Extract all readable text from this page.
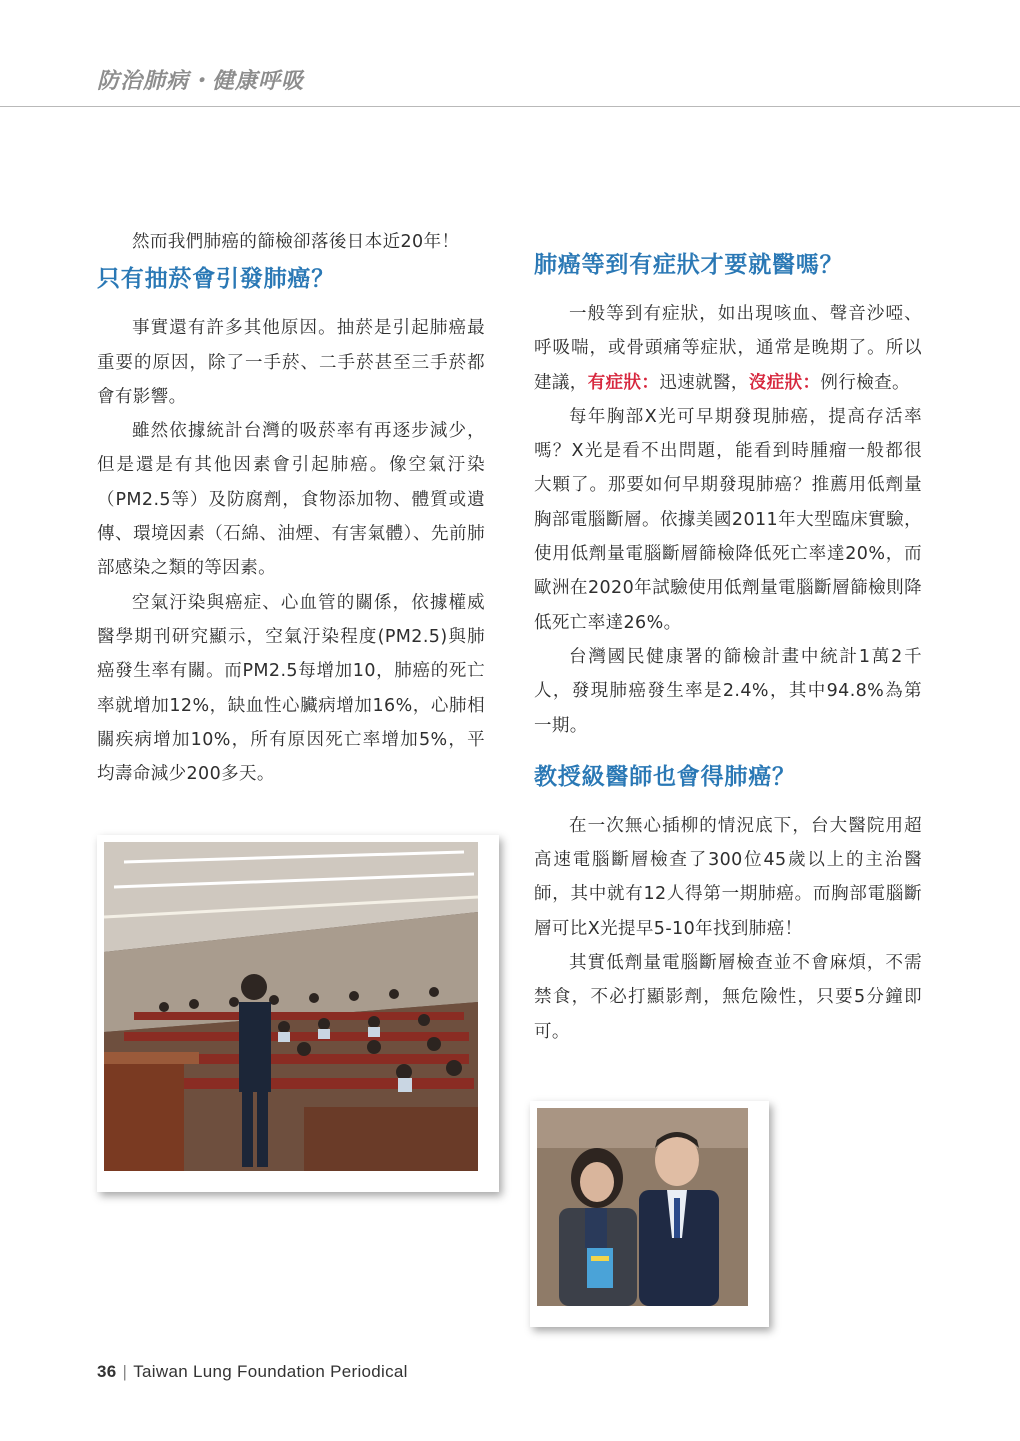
防治肺病・健康呼吸

然而我們肺癌的篩檢卻落後日本近20年！

只有抽菸會引發肺癌？

事實還有許多其他原因。抽菸是引起肺癌最重要的原因，除了一手菸、二手菸甚至三手菸都會有影響。

雖然依據統計台灣的吸菸率有再逐步減少，但是還是有其他因素會引起肺癌。像空氣汙染（PM2.5等）及防腐劑，食物添加物、體質或遺傳、環境因素（石綿、油煙、有害氣體）、先前肺部感染之類的等因素。

空氣汙染與癌症、心血管的關係，依據權威醫學期刊研究顯示，空氣汙染程度(PM2.5)與肺癌發生率有關。而PM2.5每增加10，肺癌的死亡率就增加12%，缺血性心臟病增加16%，心肺相關疾病增加10%，所有原因死亡率增加5%，平均壽命減少200多天。

肺癌等到有症狀才要就醫嗎？

一般等到有症狀，如出現咳血、聲音沙啞、呼吸喘，或骨頭痛等症狀，通常是晚期了。所以建議，有症狀：迅速就醫，沒症狀：例行檢查。

每年胸部X光可早期發現肺癌，提高存活率嗎？X光是看不出問題，能看到時腫瘤一般都很大顆了。那要如何早期發現肺癌？推薦用低劑量胸部電腦斷層。依據美國2011年大型臨床實驗，使用低劑量電腦斷層篩檢降低死亡率達20%，而歐洲在2020年試驗使用低劑量電腦斷層篩檢則降低死亡率達26%。

台灣國民健康署的篩檢計畫中統計1萬2千人，發現肺癌發生率是2.4%，其中94.8%為第一期。

教授級醫師也會得肺癌？

在一次無心插柳的情況底下，台大醫院用超高速電腦斷層檢查了300位45歲以上的主治醫師，其中就有12人得第一期肺癌。而胸部電腦斷層可比X光提早5-10年找到肺癌！

其實低劑量電腦斷層檢查並不會麻煩，不需禁食，不必打顯影劑，無危險性，只要5分鐘即可。

36 | Taiwan Lung Foundation Periodical
